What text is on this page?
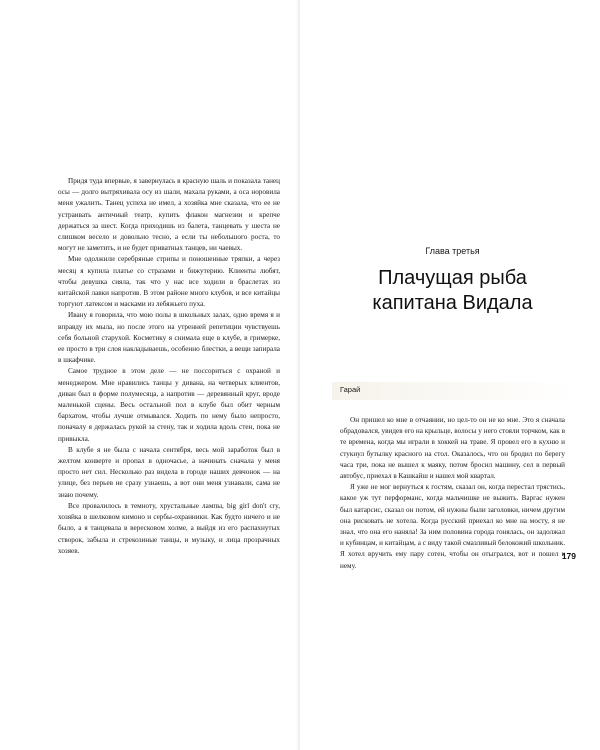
Придя туда впервые, я завернулась в красную шаль и показала танец осы — долго вытряхивала осу из шали, махала руками, а оса норовила меня ужалить. Танец успеха не имел, а хозяйка мне сказала, что ее не устраивать античный театр, купить флакон магнезии и крепче держаться за шест. Когда приходишь из балета, танцевать у шеста не слишком весело и довольно тесно, а если ты небольшого роста, то могут не заметить, и не будет приватных танцев, ни чаевых.

Мне одолжили серебряные стрипы и поношенные тряпки, а через месяц я купила платье со стразами и бижутерию. Клиенты любят, чтобы девушка сияла, так что у нас все ходили в браслетах из китайской лавки напротив. В этом районе много клубов, и все китайцы торгуют латексом и масками из лебяжьего пуха.

Ивану я говорила, что мою полы в школьных залах, одно время я и вправду их мыла, но после этого на утренней репетиции чувствуешь себя больной старухой. Косметику я снимала еще в клубе, в гримерке, ее просто в три слоя накладываешь, особенно блестки, а вещи запирала в шкафчике.

Самое трудное в этом деле — не поссориться с охраной и менеджером. Мне нравились танцы у дивана, на четверых клиентов, диван был в форме полумесяца, а напротив — деревянный круг, вроде маленькой сцены. Весь остальной пол в клубе был обит черным бархатом, чтобы лучше отмывался. Ходить по нему было непросто, поначалу я держалась рукой за стену, так и ходила вдоль стен, пока не привыкла.

В клубе я не была с начала сентября, весь мой заработок был в желтом конверте и пропал в одночасье, а начинать сначала у меня просто нет сил. Несколько раз видела в городе наших девчонок — на улице, без перьев не сразу узнаешь, а вот они меня узнавали, сама не знаю почему.

Все провалилось в темноту, хрустальные лампы, big girl don't cry, хозяйка в шелковом кимоно и сербы-охранники. Как будто ничего и не было, а я танцевала в вересковом холме, а выйдя из его распахнутых створок, забыла и стрекозиные танцы, и музыку, и лица прозрачных хозяев.

Глава третья
Плачущая рыба
капитана Видала
Гарай

Он пришел ко мне в отчаянии, но цел-то он не ко мне. Это я сначала обрадовался, увидев его на крыльце, волосы у него стояли торчком, как в те времена, когда мы играли в хоккей на траве. Я провел его в кухню и стукнул бутылку красного на стол. Оказалось, что он бродил по берегу часа три, пока не вышел к маяку, потом бросил машину, сел в первый автобус, приехал в Кашкайш и нашел мой квартал.

Я уже не мог вернуться к гостям, сказал он, когда перестал трястись, какое уж тут перформанс, когда мальчишке не выжить. Варгас нужен был катарсис, сказал он потом, ей нужны были заголовки, ничем другим она рисковать не хотела. Когда русский приехал ко мне на мосту, я не знал, что она его наняла! За ним половина города гонялась, он задолжал и кубинцам, и китайцам, а с виду такой смазливый белокожий школьник. Я хотел вручить ему пару сотен, чтобы он отыгрался, вот и пошел к нему.

179
